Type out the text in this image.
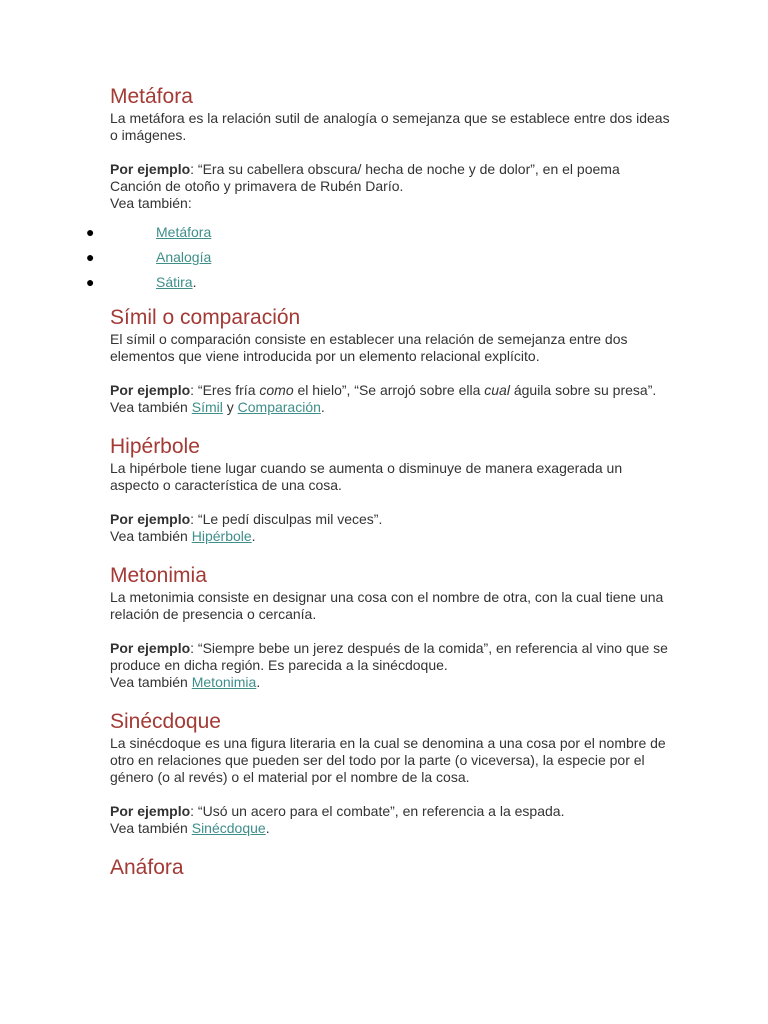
Metáfora

La metáfora es la relación sutil de analogía o semejanza que se establece entre dos ideas o imágenes.

Por ejemplo: “Era su cabellera obscura/ hecha de noche y de dolor”, en el poema Canción de otoño y primavera de Rubén Darío.

Vea también:

●	Metáfora
●	Analogía
●	Sátira.
Símil o comparación

El símil o comparación consiste en establecer una relación de semejanza entre dos elementos que viene introducida por un elemento relacional explícito.

Por ejemplo: “Eres fría como el hielo”, “Se arrojó sobre ella cual águila sobre su presa”.

Vea también Símil y Comparación.

Hipérbole

La hipérbole tiene lugar cuando se aumenta o disminuye de manera exagerada un aspecto o característica de una cosa.

Por ejemplo: “Le pedí disculpas mil veces”.

Vea también Hipérbole.

Metonimia

La metonimia consiste en designar una cosa con el nombre de otra, con la cual tiene una relación de presencia o cercanía.

Por ejemplo: “Siempre bebe un jerez después de la comida”, en referencia al vino que se produce en dicha región. Es parecida a la sinécdoque.

Vea también Metonimia.

Sinécdoque

La sinécdoque es una figura literaria en la cual se denomina a una cosa por el nombre de otro en relaciones que pueden ser del todo por la parte (o viceversa), la especie por el género (o al revés) o el material por el nombre de la cosa.

Por ejemplo: “Usó un acero para el combate”, en referencia a la espada.

Vea también Sinécdoque.

Anáfora
